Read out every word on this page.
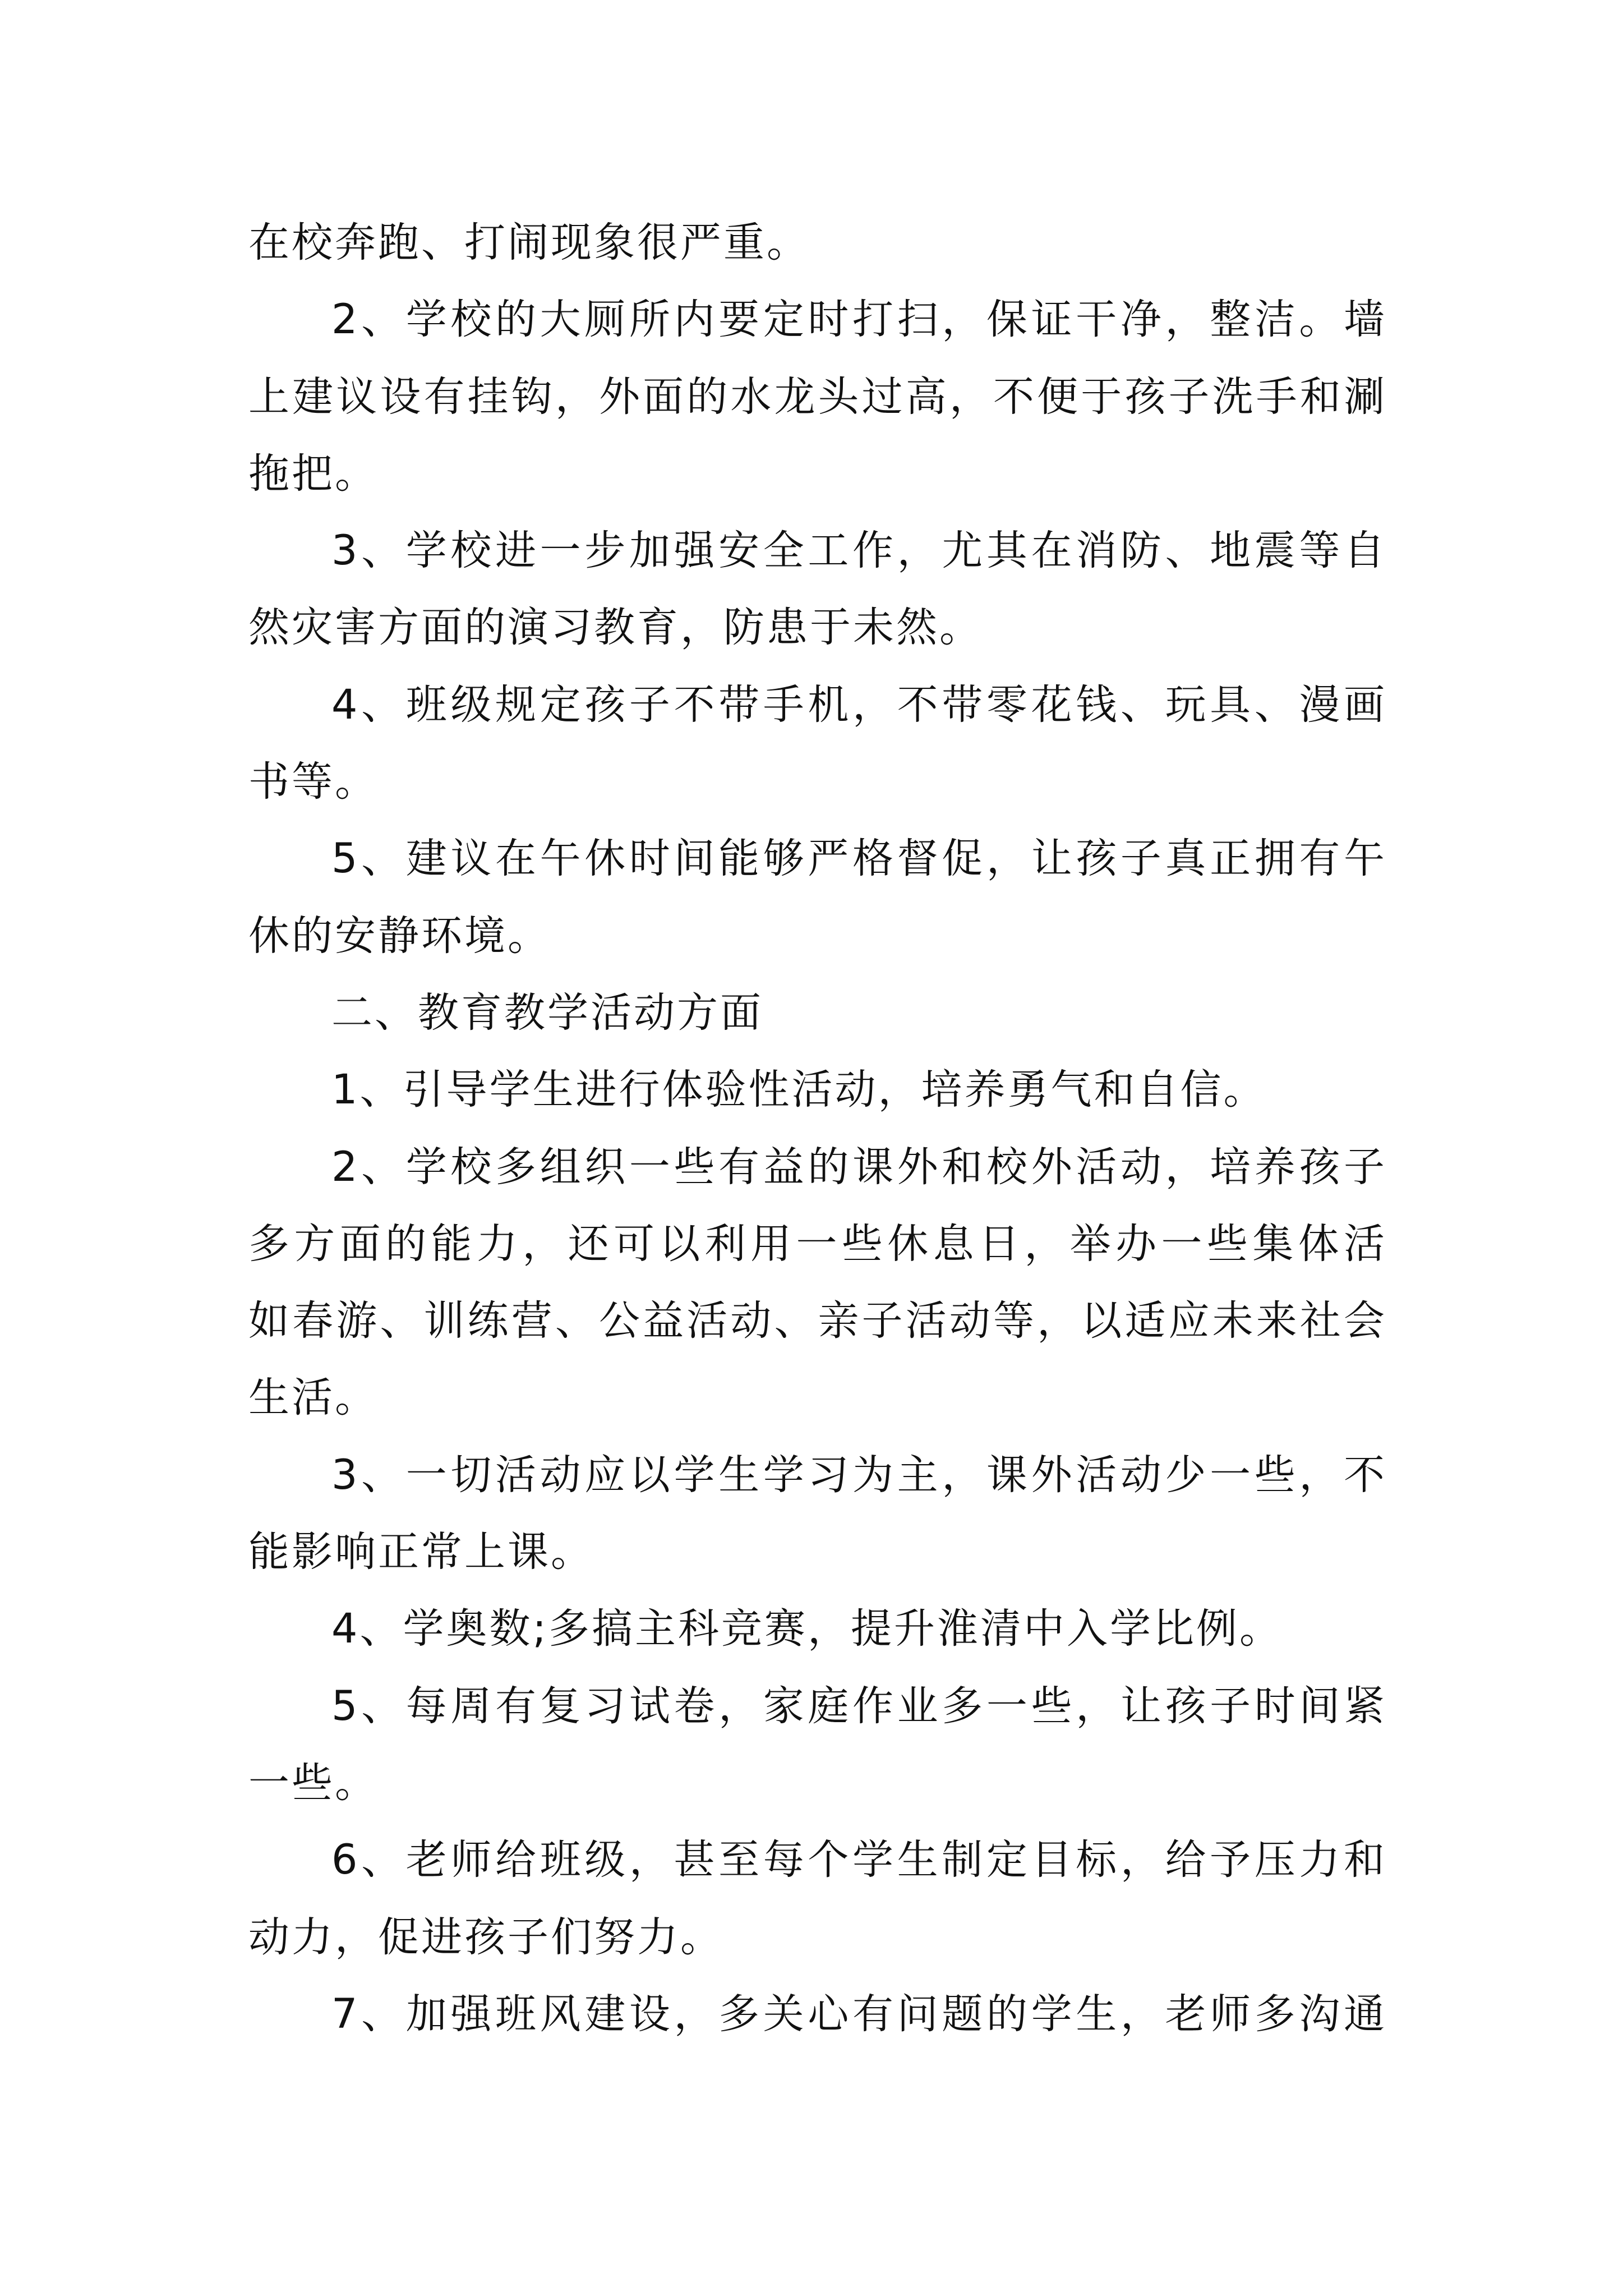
在校奔跑、打闹现象很严重。
2、学校的大厕所内要定时打扫，保证干净，整洁。墙
上建议设有挂钩，外面的水龙头过高，不便于孩子洗手和涮
拖把。
3、学校进一步加强安全工作，尤其在消防、地震等自
然灾害方面的演习教育，防患于未然。
4、班级规定孩子不带手机，不带零花钱、玩具、漫画
书等。
5、建议在午休时间能够严格督促，让孩子真正拥有午
休的安静环境。
二、教育教学活动方面
1、引导学生进行体验性活动，培养勇气和自信。
2、学校多组织一些有益的课外和校外活动，培养孩子
多方面的能力，还可以利用一些休息日，举办一些集体活
如春游、训练营、公益活动、亲子活动等，以适应未来社会
生活。
3、一切活动应以学生学习为主，课外活动少一些，不
能影响正常上课。
4、学奥数;多搞主科竞赛，提升淮清中入学比例。
5、每周有复习试卷，家庭作业多一些，让孩子时间紧
一些。
6、老师给班级，甚至每个学生制定目标，给予压力和
动力，促进孩子们努力。
7、加强班风建设，多关心有问题的学生，老师多沟通
